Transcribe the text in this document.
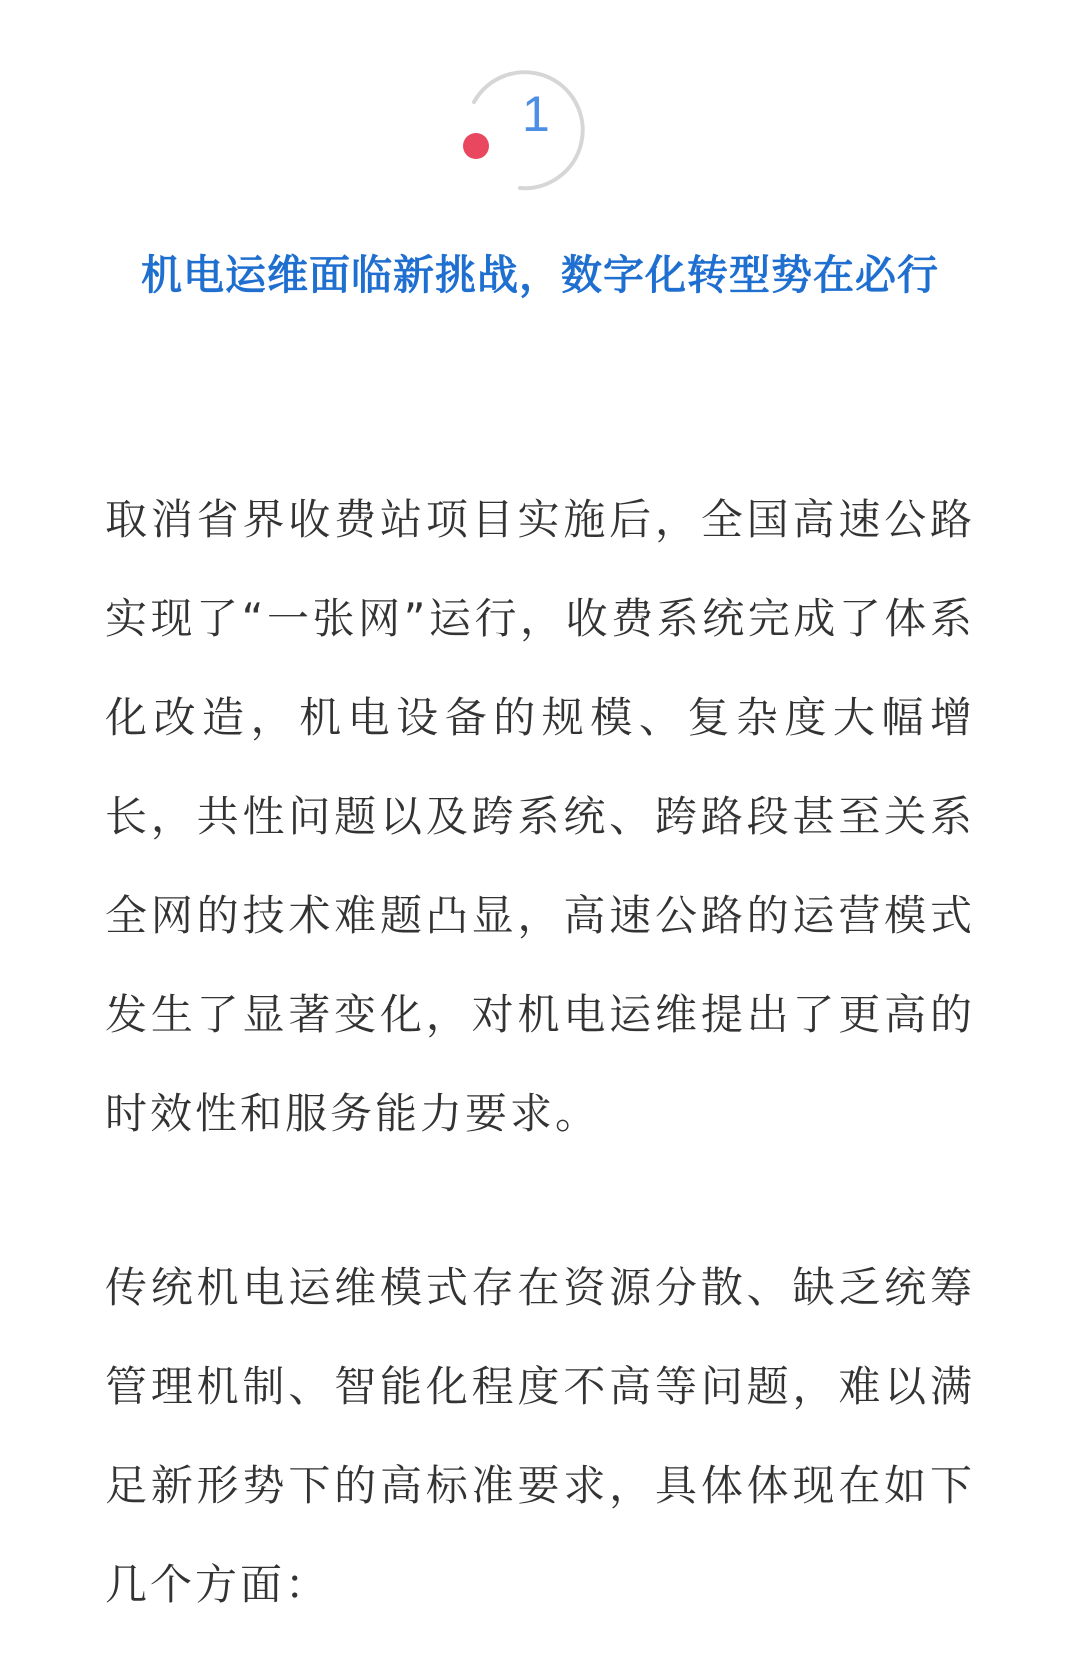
1
机电运维面临新挑战，数字化转型势在必行

取消省界收费站项目实施后，全国高速公路实现了“一张网”运行，收费系统完成了体系化改造，机电设备的规模、复杂度大幅增长，共性问题以及跨系统、跨路段甚至关系全网的技术难题凸显，高速公路的运营模式发生了显著变化，对机电运维提出了更高的时效性和服务能力要求。

传统机电运维模式存在资源分散、缺乏统筹管理机制、智能化程度不高等问题，难以满足新形势下的高标准要求，具体体现在如下几个方面：
